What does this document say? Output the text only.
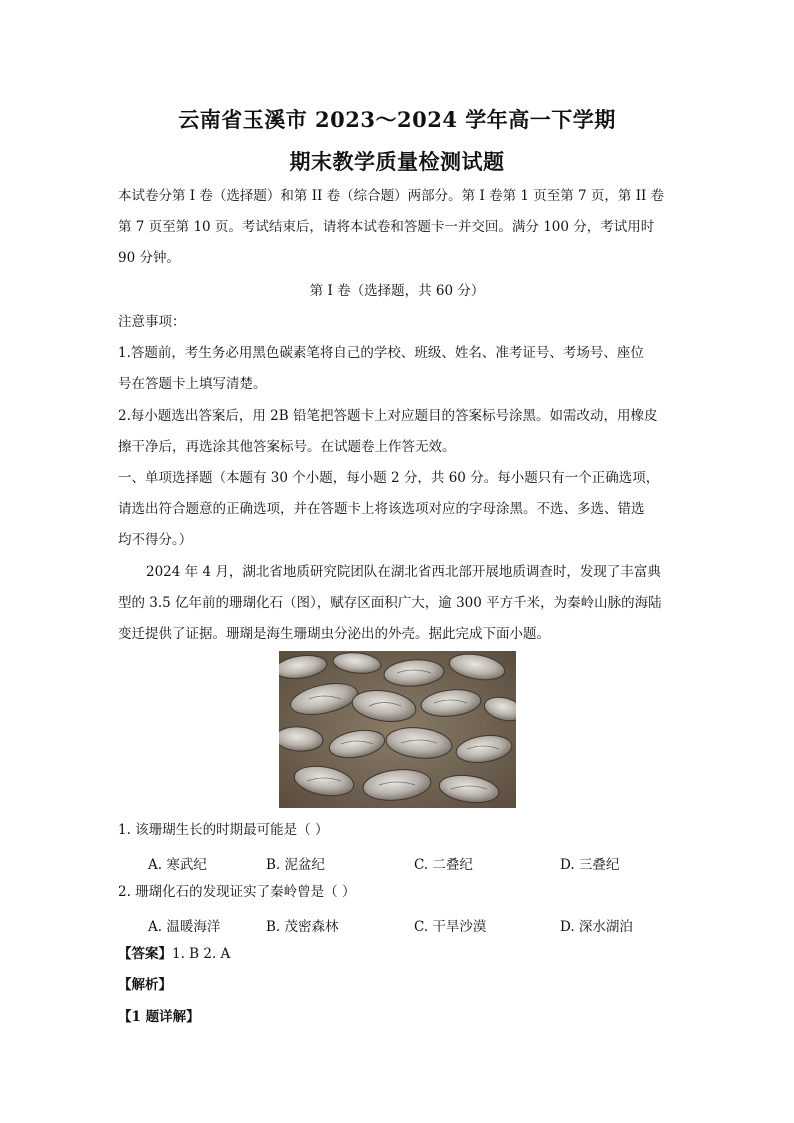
云南省玉溪市 2023～2024 学年高一下学期
期末教学质量检测试题
本试卷分第 I 卷（选择题）和第 II 卷（综合题）两部分。第 I 卷第 1 页至第 7 页，第 II 卷
第 7 页至第 10 页。考试结束后，请将本试卷和答题卡一并交回。满分 100 分，考试用时
90 分钟。
第 I 卷（选择题，共 60 分）
注意事项：
1.答题前，考生务必用黑色碳素笔将自己的学校、班级、姓名、准考证号、考场号、座位
号在答题卡上填写清楚。
2.每小题选出答案后，用 2B 铅笔把答题卡上对应题目的答案标号涂黑。如需改动，用橡皮
擦干净后，再选涂其他答案标号。在试题卷上作答无效。
一、单项选择题（本题有 30 个小题，每小题 2 分，共 60 分。每小题只有一个正确选项，
请选出符合题意的正确选项，并在答题卡上将该选项对应的字母涂黑。不选、多选、错选
均不得分。）
2024 年 4 月，湖北省地质研究院团队在湖北省西北部开展地质调查时，发现了丰富典
型的 3.5 亿年前的珊瑚化石（图），赋存区面积广大，逾 300 平方千米，为秦岭山脉的海陆
变迁提供了证据。珊瑚是海生珊瑚虫分泌出的外壳。据此完成下面小题。
1. 该珊瑚生长的时期最可能是（ ）
A. 寒武纪	B. 泥盆纪	C. 二叠纪	D. 三叠纪
2. 珊瑚化石的发现证实了秦岭曾是（ ）
A. 温暖海洋	B. 茂密森林	C. 干旱沙漠	D. 深水湖泊
【答案】1. B 2. A
【解析】
【1 题详解】
